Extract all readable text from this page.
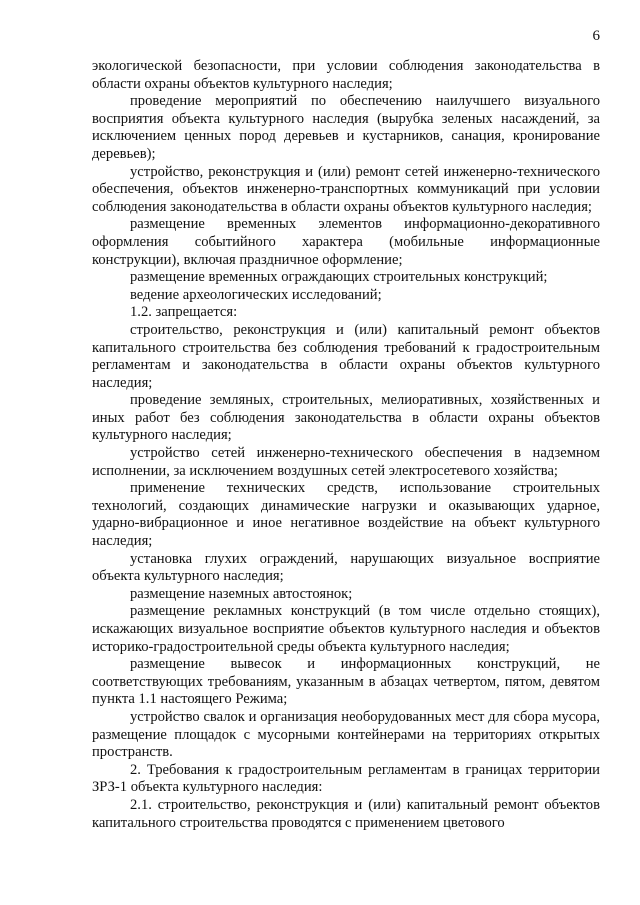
6

экологической безопасности, при условии соблюдения законодательства в области охраны объектов культурного наследия;

проведение мероприятий по обеспечению наилучшего визуального восприятия объекта культурного наследия (вырубка зеленых насаждений, за исключением ценных пород деревьев и кустарников, санация, кронирование деревьев);

устройство, реконструкция и (или) ремонт сетей инженерно-технического обеспечения, объектов инженерно-транспортных коммуникаций при условии соблюдения законодательства в области охраны объектов культурного наследия;

размещение временных элементов информационно-декоративного оформления событийного характера (мобильные информационные конструкции), включая праздничное оформление;

размещение временных ограждающих строительных конструкций;

ведение археологических исследований;

1.2. запрещается:

строительство, реконструкция и (или) капитальный ремонт объектов капитального строительства без соблюдения требований к градостроительным регламентам и законодательства в области охраны объектов культурного наследия;

проведение земляных, строительных, мелиоративных, хозяйственных и иных работ без соблюдения законодательства в области охраны объектов культурного наследия;

устройство сетей инженерно-технического обеспечения в надземном исполнении, за исключением воздушных сетей электросетевого хозяйства;

применение технических средств, использование строительных технологий, создающих динамические нагрузки и оказывающих ударное, ударно-вибрационное и иное негативное воздействие на объект культурного наследия;

установка глухих ограждений, нарушающих визуальное восприятие объекта культурного наследия;

размещение наземных автостоянок;

размещение рекламных конструкций (в том числе отдельно стоящих), искажающих визуальное восприятие объектов культурного наследия и объектов историко-градостроительной среды объекта культурного наследия;

размещение вывесок и информационных конструкций, не соответствующих требованиям, указанным в абзацах четвертом, пятом, девятом пункта 1.1 настоящего Режима;

устройство свалок и организация необорудованных мест для сбора мусора, размещение площадок с мусорными контейнерами на территориях открытых пространств.

2. Требования к градостроительным регламентам в границах территории ЗРЗ-1 объекта культурного наследия:

2.1. строительство, реконструкция и (или) капитальный ремонт объектов капитального строительства проводятся с применением цветового
